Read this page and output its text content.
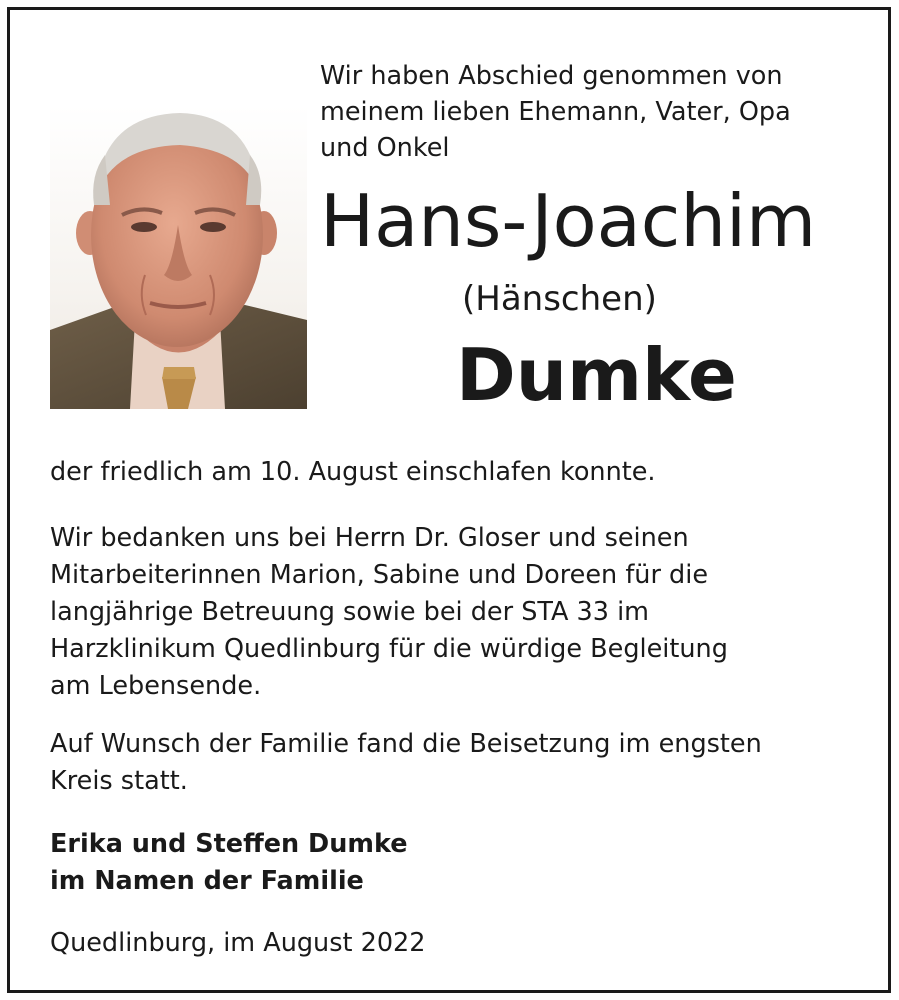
Wir haben Abschied genommen von
meinem lieben Ehemann, Vater, Opa
und Onkel
Hans-Joachim

(Hänschen)

Dumke

der friedlich am 10. August einschlafen konnte.

Wir bedanken uns bei Herrn Dr. Gloser und seinen
Mitarbeiterinnen Marion, Sabine und Doreen für die
langjährige Betreuung sowie bei der STA 33 im
Harzklinikum Quedlinburg für die würdige Begleitung
am Lebensende.

Auf Wunsch der Familie fand die Beisetzung im engsten
Kreis statt.

Erika und Steffen Dumke
im Namen der Familie

Quedlinburg, im August 2022
